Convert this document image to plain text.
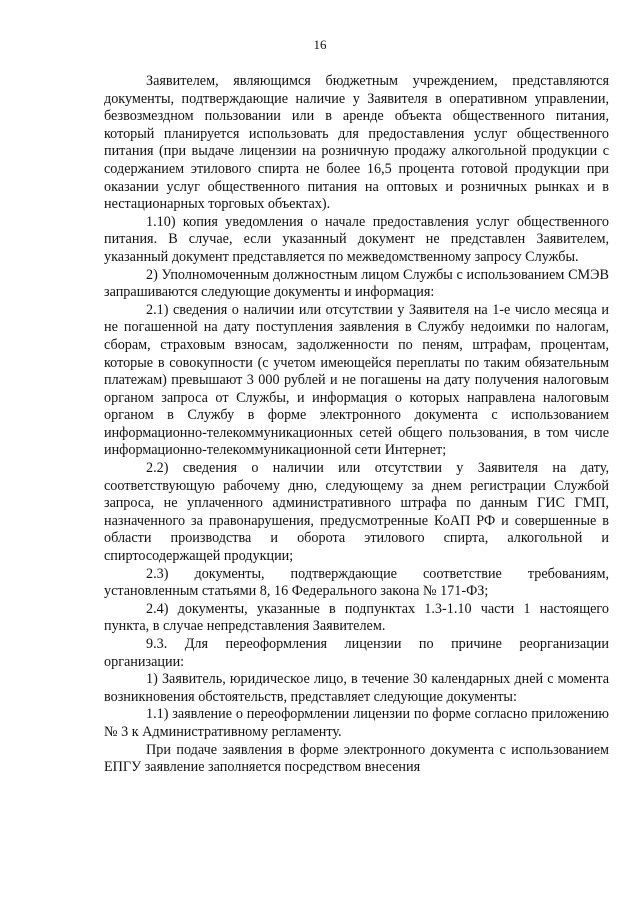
16

Заявителем, являющимся бюджетным учреждением, представляются документы, подтверждающие наличие у Заявителя в оперативном управлении, безвозмездном пользовании или в аренде объекта общественного питания, который планируется использовать для предоставления услуг общественного питания (при выдаче лицензии на розничную продажу алкогольной продукции с содержанием этилового спирта не более 16,5 процента готовой продукции при оказании услуг общественного питания на оптовых и розничных рынках и в нестационарных торговых объектах).

1.10) копия уведомления о начале предоставления услуг общественного питания. В случае, если указанный документ не представлен Заявителем, указанный документ представляется по межведомственному запросу Службы.

2) Уполномоченным должностным лицом Службы с использованием СМЭВ запрашиваются следующие документы и информация:

2.1) сведения о наличии или отсутствии у Заявителя на 1-е число месяца и не погашенной на дату поступления заявления в Службу недоимки по налогам, сборам, страховым взносам, задолженности по пеням, штрафам, процентам, которые в совокупности (с учетом имеющейся переплаты по таким обязательным платежам) превышают 3 000 рублей и не погашены на дату получения налоговым органом запроса от Службы, и информация о которых направлена налоговым органом в Службу в форме электронного документа с использованием информационно-телекоммуникационных сетей общего пользования, в том числе информационно-телекоммуникационной сети Интернет;

2.2) сведения о наличии или отсутствии у Заявителя на дату, соответствующую рабочему дню, следующему за днем регистрации Службой запроса, не уплаченного административного штрафа по данным ГИС ГМП, назначенного за правонарушения, предусмотренные КоАП РФ и совершенные в области производства и оборота этилового спирта, алкогольной и спиртосодержащей продукции;

2.3) документы, подтверждающие соответствие требованиям, установленным статьями 8, 16 Федерального закона № 171-ФЗ;

2.4) документы, указанные в подпунктах 1.3-1.10 части 1 настоящего пункта, в случае непредставления Заявителем.

9.3. Для переоформления лицензии по причине реорганизации организации:

1) Заявитель, юридическое лицо, в течение 30 календарных дней с момента возникновения обстоятельств, представляет следующие документы:

1.1) заявление о переоформлении лицензии по форме согласно приложению № 3 к Административному регламенту.

При подаче заявления в форме электронного документа с использованием ЕПГУ заявление заполняется посредством внесения
